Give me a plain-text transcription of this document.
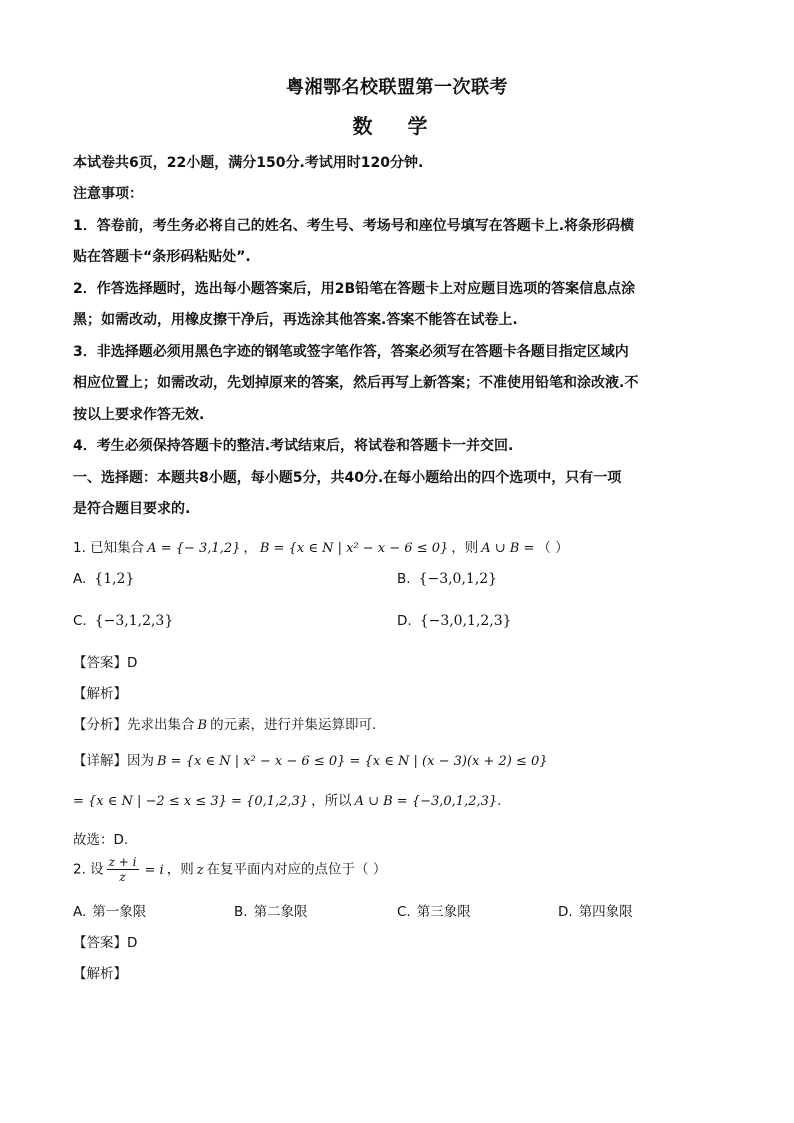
粤湘鄂名校联盟第一次联考
数 学
本试卷共6页，22小题，满分150分.考试用时120分钟.
注意事项：
1．答卷前，考生务必将自己的姓名、考生号、考场号和座位号填写在答题卡上.将条形码横
贴在答题卡“条形码粘贴处”.
2．作答选择题时，选出每小题答案后，用2B铅笔在答题卡上对应题目选项的答案信息点涂
黑；如需改动，用橡皮擦干净后，再选涂其他答案.答案不能答在试卷上.
3．非选择题必须用黑色字迹的钢笔或签字笔作答，答案必须写在答题卡各题目指定区域内
相应位置上；如需改动，先划掉原来的答案，然后再写上新答案；不准使用铅笔和涂改液.不
按以上要求作答无效.
4．考生必须保持答题卡的整洁.考试结束后，将试卷和答题卡一并交回.
一、选择题：本题共8小题，每小题5分，共40分.在每小题给出的四个选项中，只有一项
是符合题目要求的.
1. 已知集合 A = {− 3,1,2} ， B = {x ∈ N | x² − x − 6 ≤ 0} ，则 A ∪ B = （ ）
A. {1,2}	B. {−3,0,1,2}
C. {−3,1,2,3}	D. {−3,0,1,2,3}
【答案】D
【解析】
【分析】先求出集合 B 的元素，进行并集运算即可.
【详解】因为 B = {x ∈ N | x² − x − 6 ≤ 0} = {x ∈ N | (x − 3)(x + 2) ≤ 0}
= {x ∈ N | −2 ≤ x ≤ 3} = {0,1,2,3} ，所以 A ∪ B = {−3,0,1,2,3}.
故选：D.
2. 设 $\frac{z + i}{z} = i$ ，则 z 在复平面内对应的点位于（ ）
A. 第一象限	B. 第二象限	C. 第三象限	D. 第四象限
【答案】D
【解析】
